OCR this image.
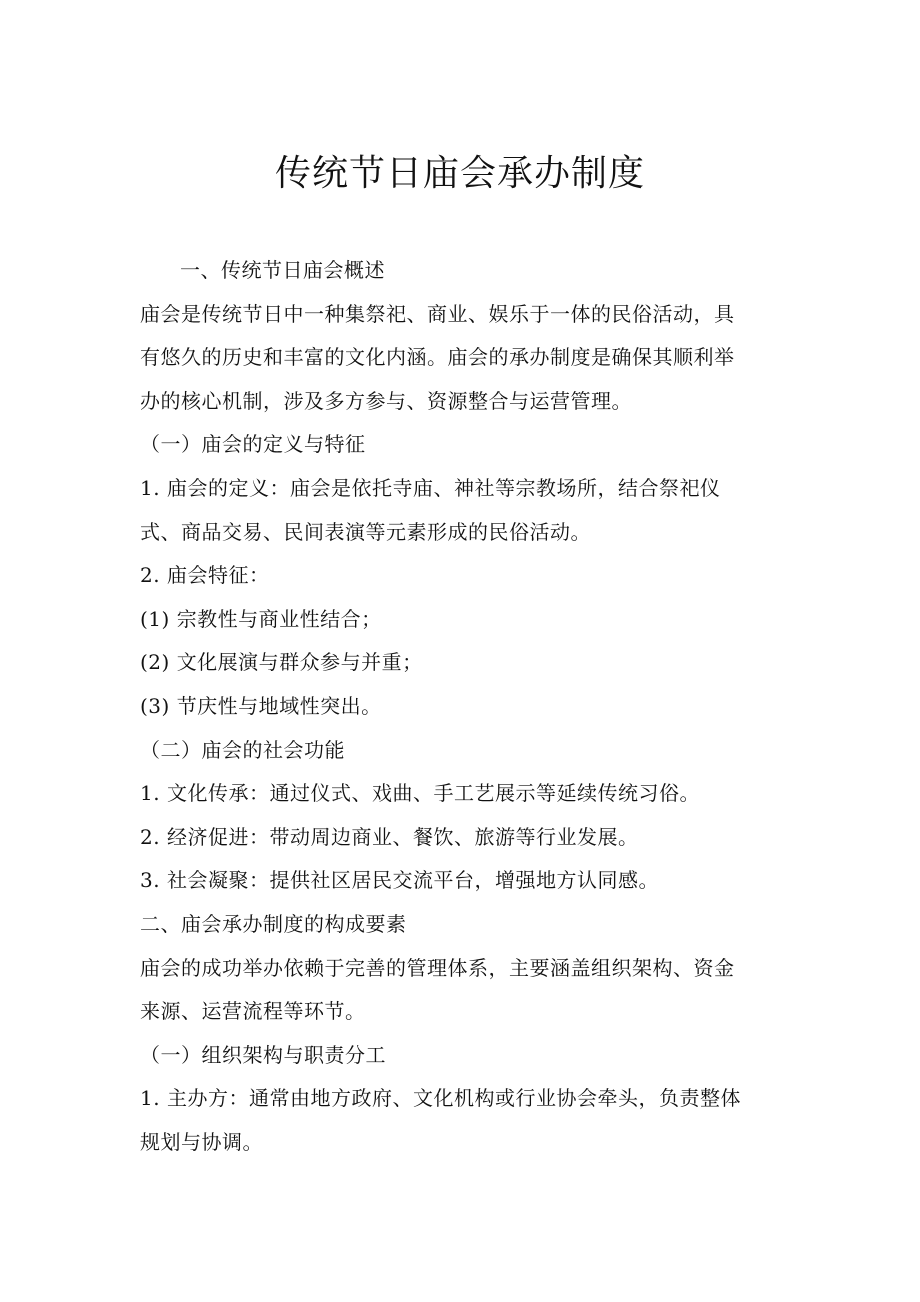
传统节日庙会承办制度
一、传统节日庙会概述
庙会是传统节日中一种集祭祀、商业、娱乐于一体的民俗活动，具
有悠久的历史和丰富的文化内涵。庙会的承办制度是确保其顺利举
办的核心机制，涉及多方参与、资源整合与运营管理。
（一）庙会的定义与特征
1. 庙会的定义：庙会是依托寺庙、神社等宗教场所，结合祭祀仪
式、商品交易、民间表演等元素形成的民俗活动。
2. 庙会特征：
(1) 宗教性与商业性结合；
(2) 文化展演与群众参与并重；
(3) 节庆性与地域性突出。
（二）庙会的社会功能
1. 文化传承：通过仪式、戏曲、手工艺展示等延续传统习俗。
2. 经济促进：带动周边商业、餐饮、旅游等行业发展。
3. 社会凝聚：提供社区居民交流平台，增强地方认同感。
二、庙会承办制度的构成要素
庙会的成功举办依赖于完善的管理体系，主要涵盖组织架构、资金
来源、运营流程等环节。
（一）组织架构与职责分工
1. 主办方：通常由地方政府、文化机构或行业协会牵头，负责整体
规划与协调。
